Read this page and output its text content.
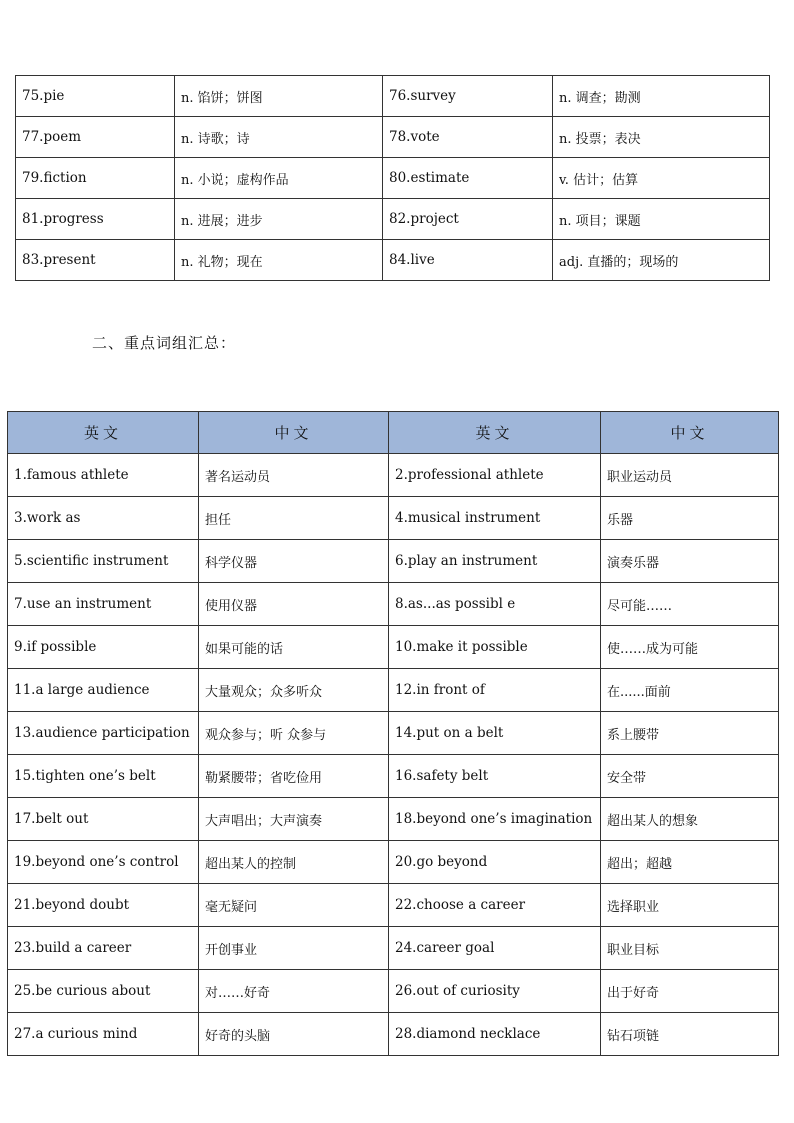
75.pie	n. 馅饼；饼图	76.survey	n. 调查；勘测
77.poem	n. 诗歌；诗	78.vote	n. 投票；表决
79.fiction	n. 小说；虚构作品	80.estimate	v. 估计；估算
81.progress	n. 进展；进步	82.project	n. 项目；课题
83.present	n. 礼物；现在	84.live	adj. 直播的；现场的
二、重点词组汇总：
英文	中文	英文	中文
1.famous athlete	著名运动员	2.professional athlete	职业运动员
3.work as	担任	4.musical instrument	乐器
5.scientific instrument	科学仪器	6.play an instrument	演奏乐器
7.use an instrument	使用仪器	8.as...as possibl e	尽可能……
9.if possible	如果可能的话	10.make it possible	使……成为可能
11.a large audience	大量观众；众多听众	12.in front of	在......面前
13.audience participation	观众参与；听 众参与	14.put on a belt	系上腰带
15.tighten one’s belt	勒紧腰带；省吃俭用	16.safety belt	安全带
17.belt out	大声唱出；大声演奏	18.beyond one’s imagination	超出某人的想象
19.beyond one’s control	超出某人的控制	20.go beyond	超出；超越
21.beyond doubt	毫无疑问	22.choose a career	选择职业
23.build a career	开创事业	24.career goal	职业目标
25.be curious about	对……好奇	26.out of curiosity	出于好奇
27.a curious mind	好奇的头脑	28.diamond necklace	钻石项链
